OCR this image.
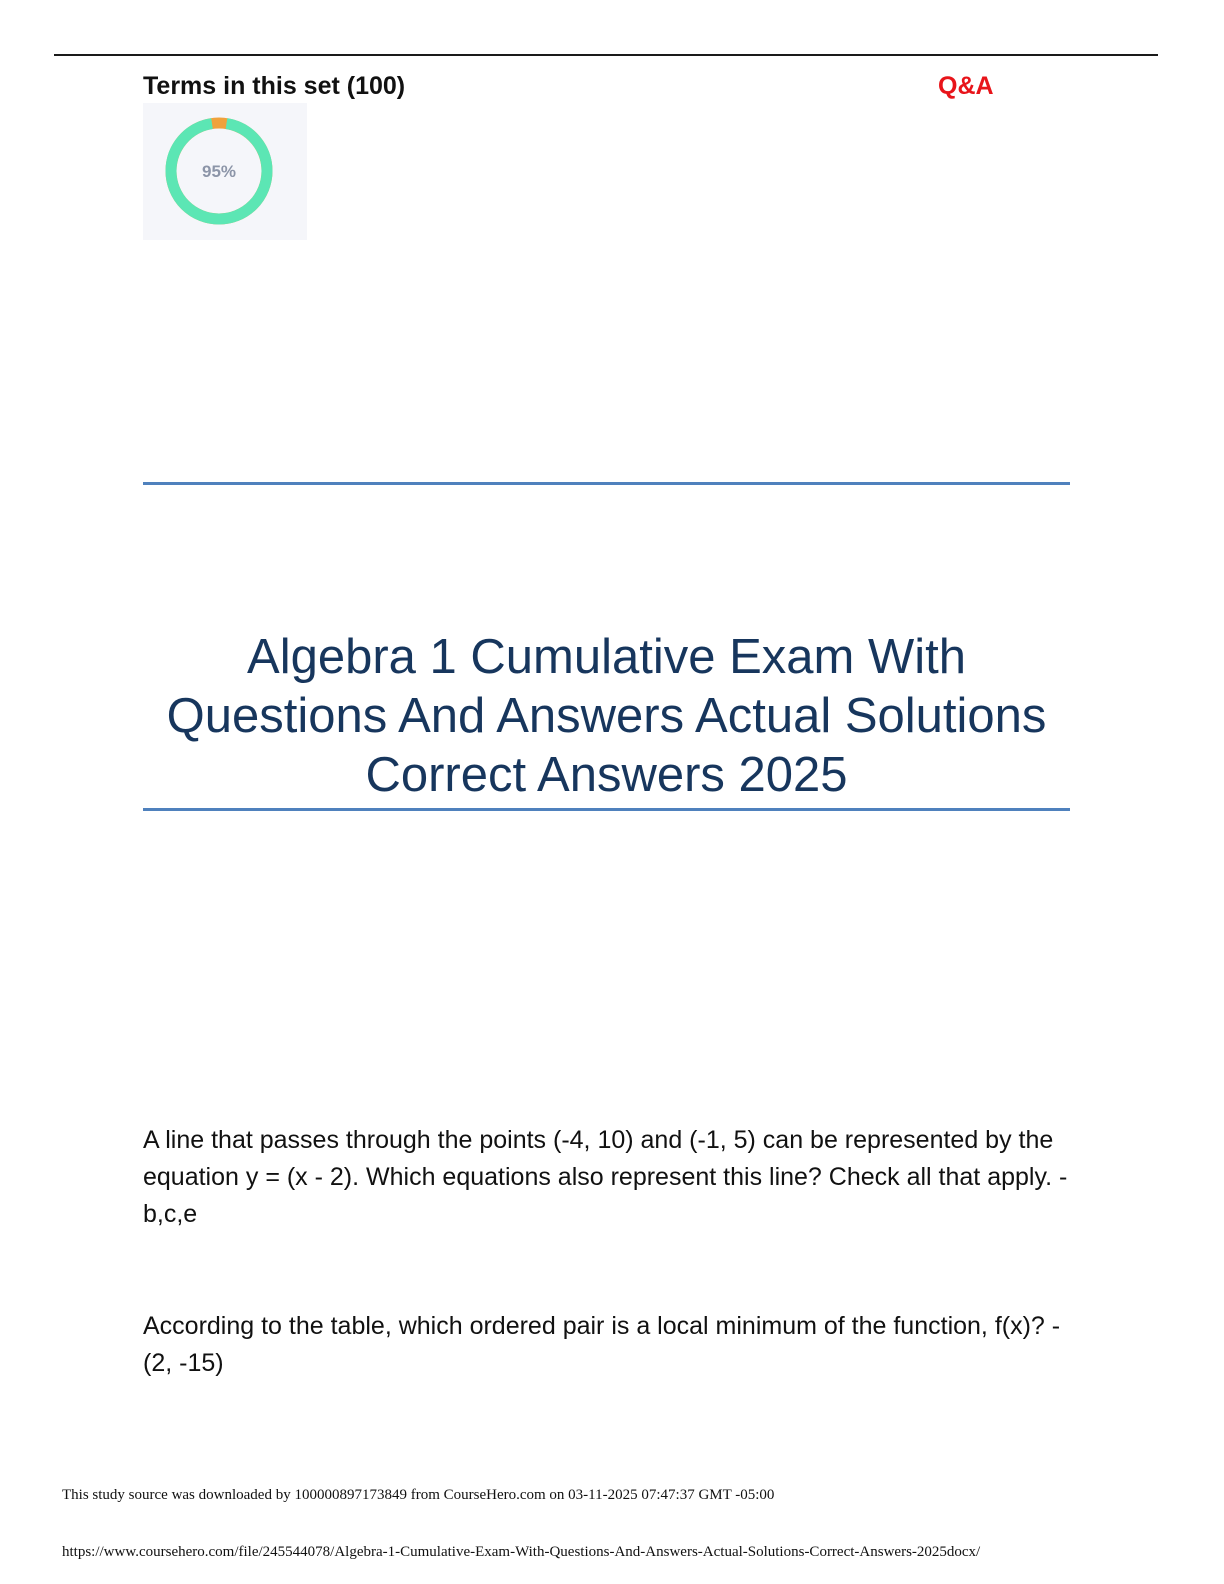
Terms in this set (100)	Q&A
95%
Algebra 1 Cumulative Exam With Questions And Answers Actual Solutions Correct Answers 2025

A line that passes through the points (-4, 10) and (-1, 5) can be represented by the equation y = (x - 2). Which equations also represent this line? Check all that apply. - b,c,e

According to the table, which ordered pair is a local minimum of the function, f(x)? - (2, -15)

This study source was downloaded by 100000897173849 from CourseHero.com on 03-11-2025 07:47:37 GMT -05:00

https://www.coursehero.com/file/245544078/Algebra-1-Cumulative-Exam-With-Questions-And-Answers-Actual-Solutions-Correct-Answers-2025docx/
